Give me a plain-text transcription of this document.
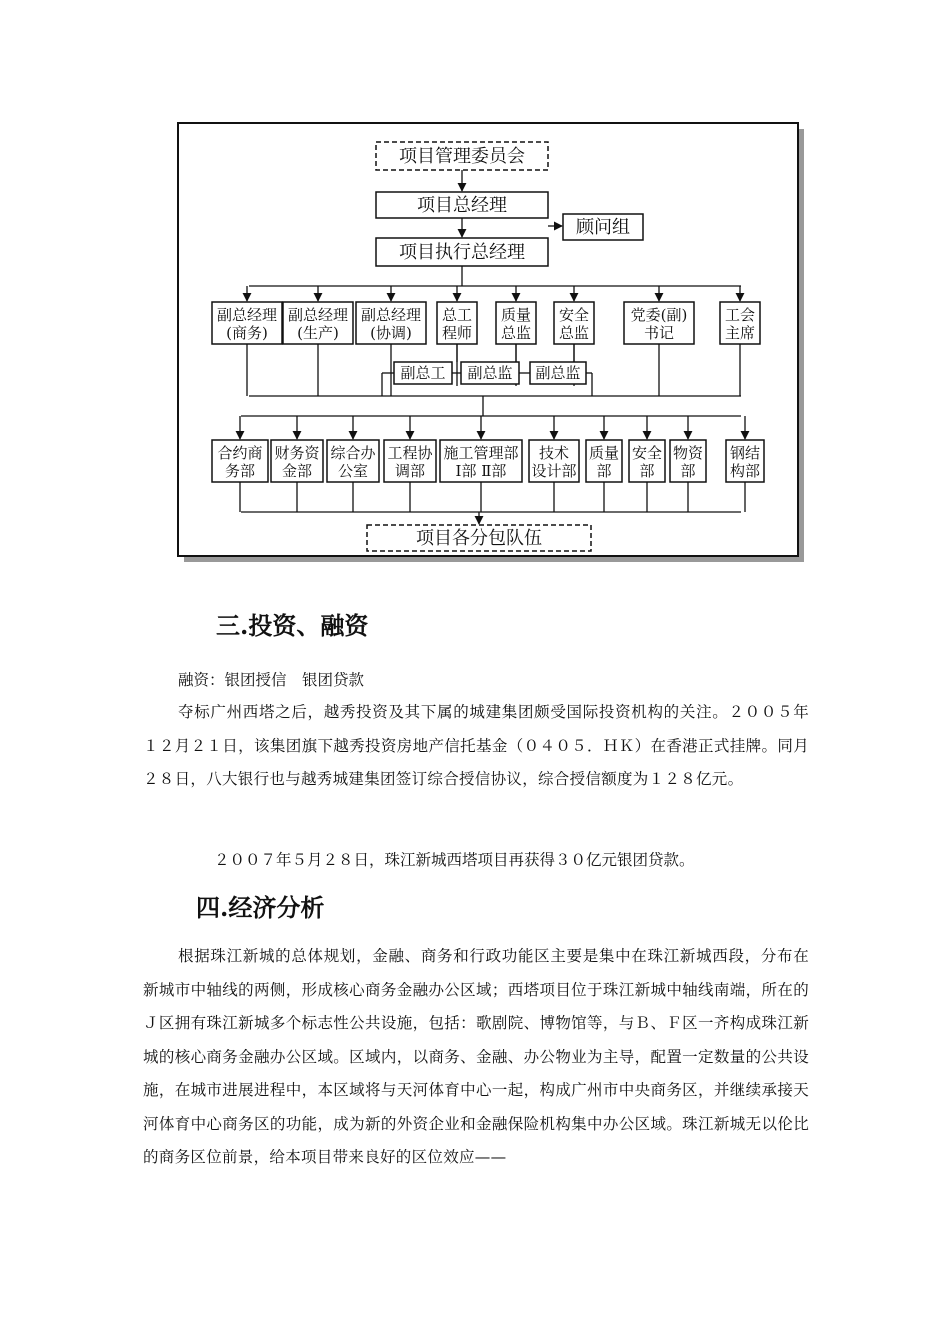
项目管理委员会
项目总经理
顾问组
项目执行总经理
副总经理
(商务)
副总经理
(生产)
副总经理
(协调)
总工
程师
质量
总监
安全
总监
党委(副)
书记
工会
主席
副总工 副总监 副总监
合约商
务部
财务资
金部
综合办
公室
工程协
调部
施工管理部
Ⅰ部 Ⅱ部
技术
设计部
质量
部
安全
部
物资
部
钢结
构部
项目各分包队伍
三.投资、融资

融资：银团授信　银团贷款

夺标广州西塔之后，越秀投资及其下属的城建集团颇受国际投资机构的关注。２００５年１２月２１日，该集团旗下越秀投资房地产信托基金（０４０５．ＨＫ）在香港正式挂牌。同月２８日，八大银行也与越秀城建集团签订综合授信协议，综合授信额度为１２８亿元。

２００７年５月２８日，珠江新城西塔项目再获得３０亿元银团贷款。

四.经济分析

根据珠江新城的总体规划，金融、商务和行政功能区主要是集中在珠江新城西段，分布在新城市中轴线的两侧，形成核心商务金融办公区域；西塔项目位于珠江新城中轴线南端，所在的Ｊ区拥有珠江新城多个标志性公共设施，包括：歌剧院、博物馆等，与Ｂ、Ｆ区一齐构成珠江新城的核心商务金融办公区域。区域内，以商务、金融、办公物业为主导，配置一定数量的公共设施，在城市进展进程中，本区域将与天河体育中心一起，构成广州市中央商务区，并继续承接天河体育中心商务区的功能，成为新的外资企业和金融保险机构集中办公区域。珠江新城无以伦比的商务区位前景，给本项目带来良好的区位效应——
